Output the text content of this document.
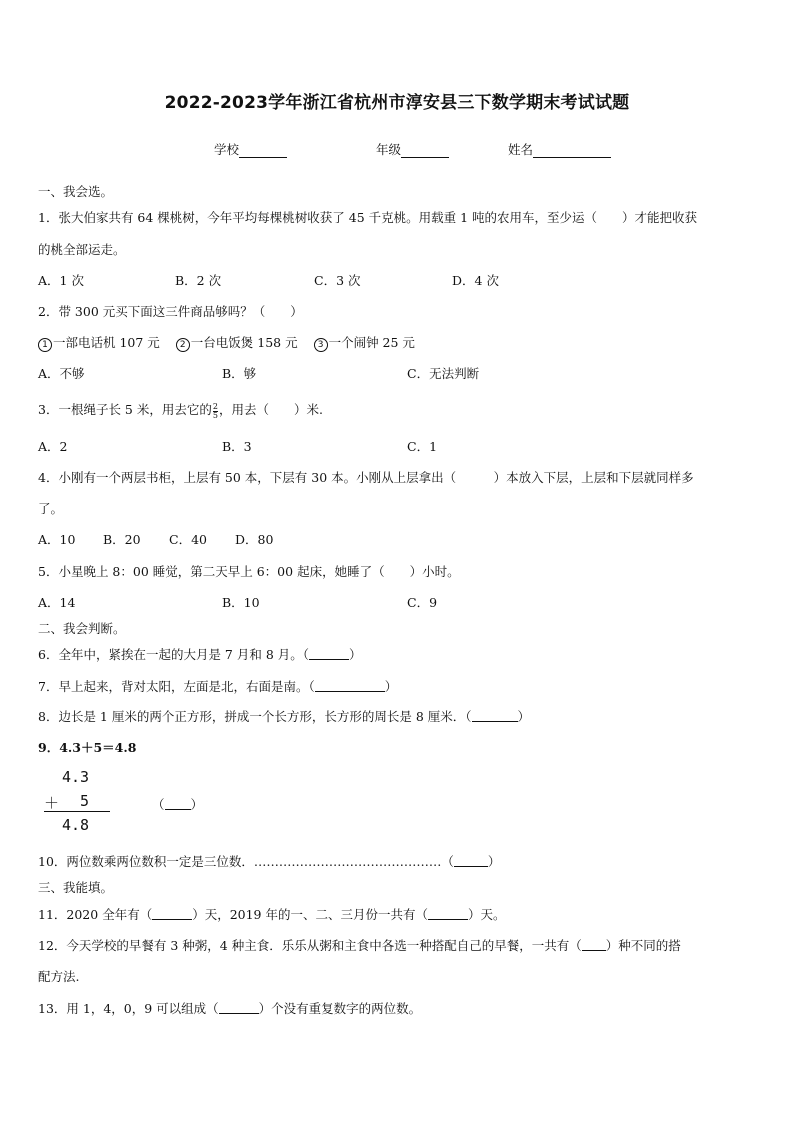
2022-2023学年浙江省杭州市淳安县三下数学期末考试试题
学校	年级	姓名
一、我会选。
1．张大伯家共有 64 棵桃树，今年平均每棵桃树收获了 45 千克桃。用载重 1 吨的农用车，至少运（　　）才能把收获
的桃全部运走。
A．1 次	B．2 次	C．3 次	D．4 次
2．带 300 元买下面这三件商品够吗？（　　）
1 一部电话机 107 元 2 一台电饭煲 158 元 3 一个闹钟 25 元
A．不够	B．够	C．无法判断
3．一根绳子长 5 米，用去它的 $\frac{2}{5}$ ，用去（　　）米.
A．2	B．3	C．1
4．小刚有一个两层书柜，上层有 50 本，下层有 30 本。小刚从上层拿出（　　　）本放入下层，上层和下层就同样多
了。
A．10 B．20 C．40 D．80
5．小星晚上 8：00 睡觉，第二天早上 6：00 起床，她睡了（　　）小时。
A．14	B．10	C．9
二、我会判断。
6．全年中，紧挨在一起的大月是 7 月和 8 月。（	）
7．早上起来，背对太阳，左面是北，右面是南。（	）
8．边长是 1 厘米的两个正方形，拼成一个长方形，长方形的周长是 8 厘米．（	）
9．4.3＋5＝4.8
4.3
＋ 5
4.8
（ ）
10．两位数乘两位数积一定是三位数．………………………………………（	）
三、我能填。
11．2020 全年有（	）天，2019 年的一、二、三月份一共有（	）天。
12．今天学校的早餐有 3 种粥，4 种主食．乐乐从粥和主食中各选一种搭配自己的早餐，一共有（ ）种不同的搭
配方法.
13．用 1，4，0，9 可以组成（	）个没有重复数字的两位数。
